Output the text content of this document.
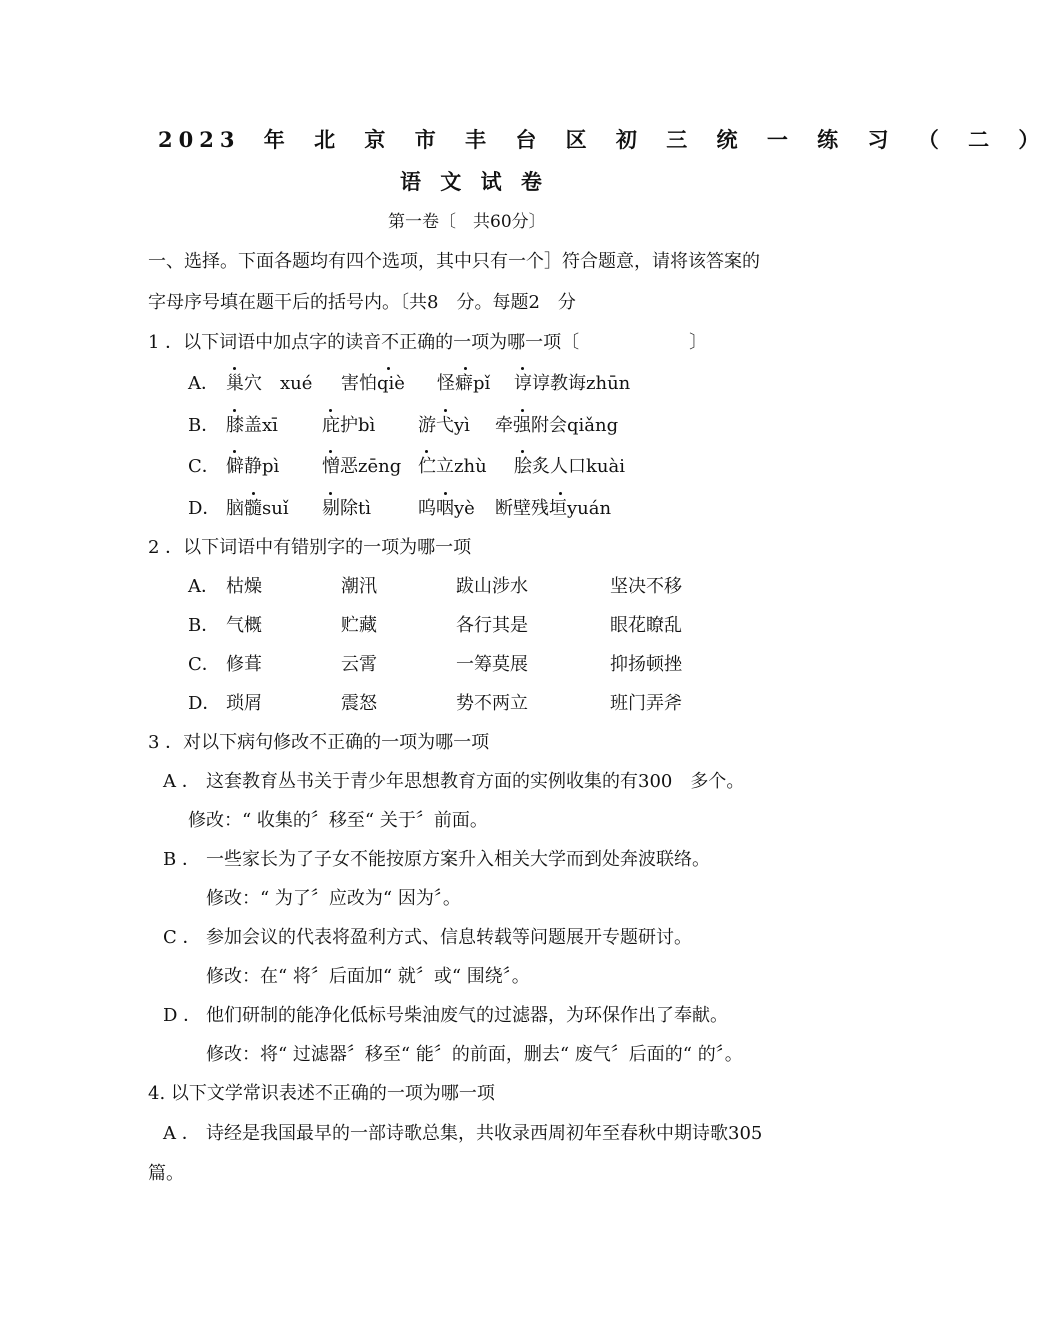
2023 年 北 京 市 丰 台 区 初 三 统 一 练 习 （ 二 ）
语 文 试 卷
第一卷〔　共60分〕
一、选择。下面各题均有四个选项，其中只有一个］符合题意，请将该答案的
字母序号填在题干后的括号内。〔共8　分。每题2　分
1 ．以下词语中加点字的读音不正确的一项为哪一项〔	〕
A． 巢穴　xué 害怕qiè 怪癖pǐ 谆谆教诲zhūn
B． 膝盖xī 庇护bì 游弋yì 牵强附会qiǎng
C． 僻静pì 憎恶zēng 伫立zhù 脍炙人口kuài
D． 脑髓suǐ 剔除tì	呜咽yè 断壁残垣yuán
2 ．以下词语中有错别字的一项为哪一项
A． 枯燥	潮汛	跋山涉水	坚决不移
B． 气概	贮藏	各行其是	眼花瞭乱
C． 修葺	云霄	一筹莫展	抑扬顿挫
D． 琐屑	震怒	势不两立	班门弄斧
3 ．对以下病句修改不正确的一项为哪一项
A ． 这套教育丛书关于青少年思想教育方面的实例收集的有300　多个。
修改：“ 收集的〞移至“ 关于〞前面。
B ． 一些家长为了子女不能按原方案升入相关大学而到处奔波联络。
修改：“ 为了〞应改为“ 因为〞。
C ． 参加会议的代表将盈利方式、信息转载等问题展开专题研讨。
修改：在“ 将〞后面加“ 就〞或“ 围绕〞。
D ． 他们研制的能净化低标号柴油废气的过滤器，为环保作出了奉献。
修改：将“ 过滤器〞移至“ 能〞的前面，删去“ 废气〞后面的“ 的〞。
4. 以下文学常识表述不正确的一项为哪一项
A ． 诗经是我国最早的一部诗歌总集，共收录西周初年至春秋中期诗歌305
篇。
